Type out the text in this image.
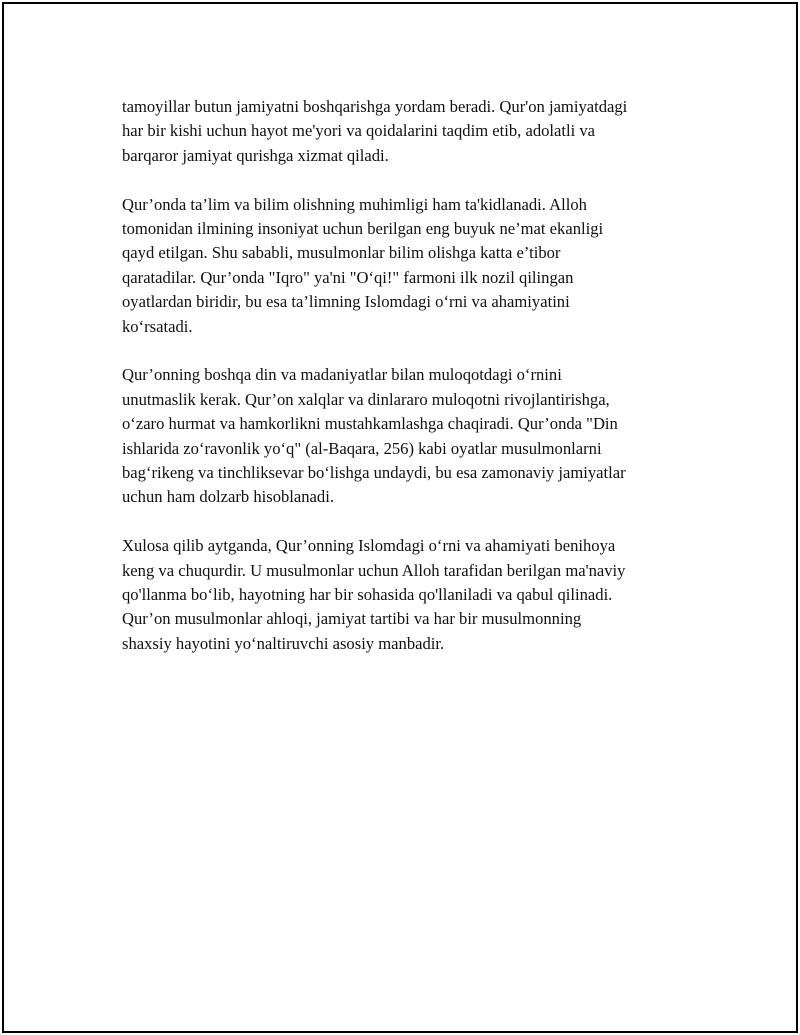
tamoyillar butun jamiyatni boshqarishga yordam beradi. Qur'on jamiyatdagi
har bir kishi uchun hayot me'yori va qoidalarini taqdim etib, adolatli va
barqaror jamiyat qurishga xizmat qiladi.

Qur’onda ta’lim va bilim olishning muhimligi ham ta'kidlanadi. Alloh
tomonidan ilmining insoniyat uchun berilgan eng buyuk ne’mat ekanligi
qayd etilgan. Shu sababli, musulmonlar bilim olishga katta e’tibor
qaratadilar. Qur’onda "Iqro" ya'ni "O‘qi!" farmoni ilk nozil qilingan
oyatlardan biridir, bu esa ta’limning Islomdagi o‘rni va ahamiyatini
ko‘rsatadi.

Qur’onning boshqa din va madaniyatlar bilan muloqotdagi o‘rnini
unutmaslik kerak. Qur’on xalqlar va dinlararo muloqotni rivojlantirishga,
o‘zaro hurmat va hamkorlikni mustahkamlashga chaqiradi. Qur’onda "Din
ishlarida zo‘ravonlik yo‘q" (al-Baqara, 256) kabi oyatlar musulmonlarni
bag‘rikeng va tinchliksevar bo‘lishga undaydi, bu esa zamonaviy jamiyatlar
uchun ham dolzarb hisoblanadi.

Xulosa qilib aytganda, Qur’onning Islomdagi o‘rni va ahamiyati benihoya
keng va chuqurdir. U musulmonlar uchun Alloh tarafidan berilgan ma'naviy
qo'llanma bo‘lib, hayotning har bir sohasida qo'llaniladi va qabul qilinadi.
Qur’on musulmonlar ahloqi, jamiyat tartibi va har bir musulmonning
shaxsiy hayotini yo‘naltiruvchi asosiy manbadir.
